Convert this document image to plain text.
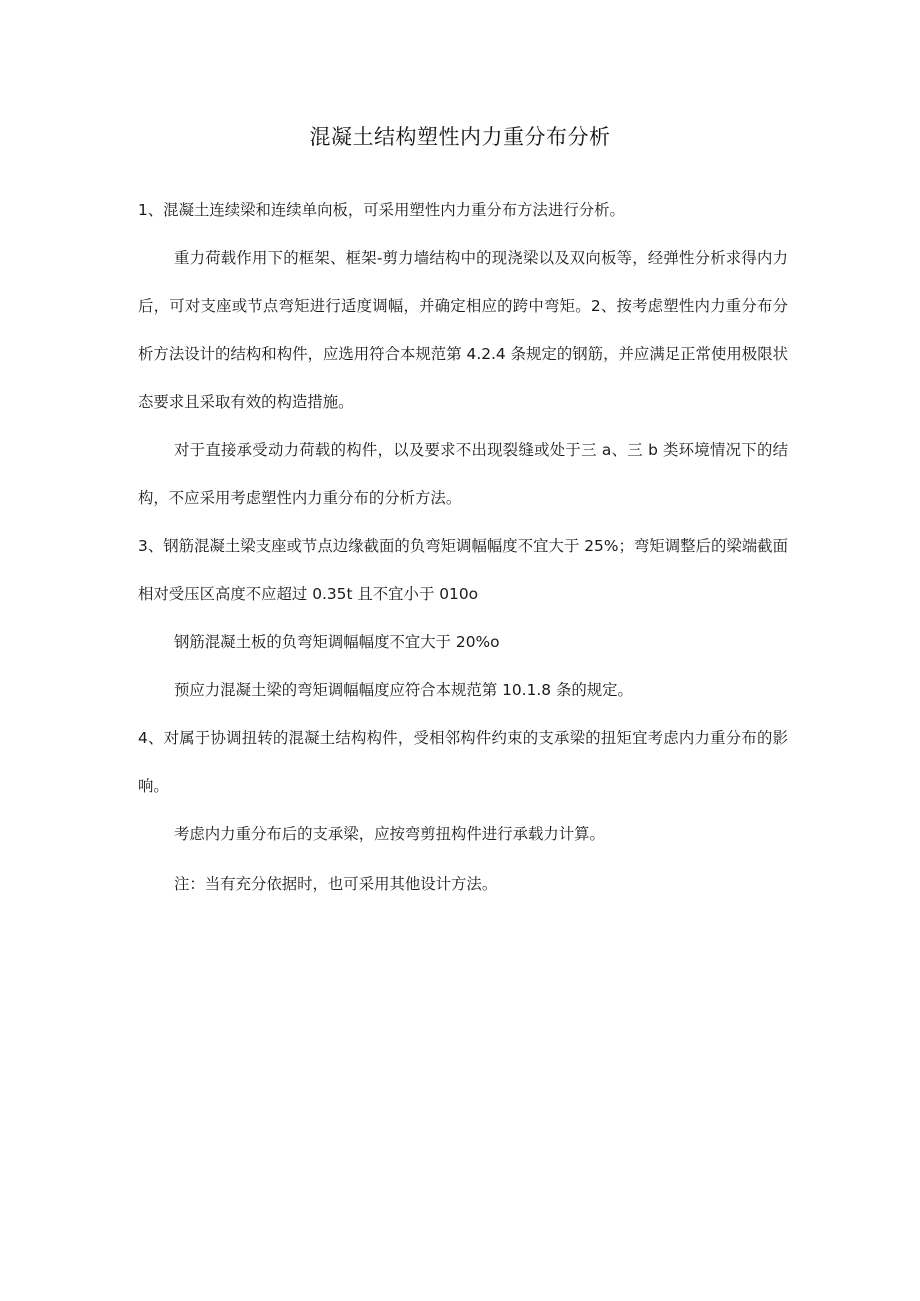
混凝土结构塑性内力重分布分析

1、混凝土连续梁和连续单向板，可采用塑性内力重分布方法进行分析。

重力荷载作用下的框架、框架-剪力墙结构中的现浇梁以及双向板等，经弹性分析求得内力后，可对支座或节点弯矩进行适度调幅，并确定相应的跨中弯矩。2、按考虑塑性内力重分布分析方法设计的结构和构件，应选用符合本规范第 4.2.4 条规定的钢筋，并应满足正常使用极限状态要求且采取有效的构造措施。

对于直接承受动力荷载的构件，以及要求不出现裂缝或处于三 a、三 b 类环境情况下的结构，不应采用考虑塑性内力重分布的分析方法。

3、钢筋混凝土梁支座或节点边缘截面的负弯矩调幅幅度不宜大于 25%；弯矩调整后的梁端截面相对受压区高度不应超过 0.35t 且不宜小于 010o

钢筋混凝土板的负弯矩调幅幅度不宜大于 20%o

预应力混凝土梁的弯矩调幅幅度应符合本规范第 10.1.8 条的规定。

4、对属于协调扭转的混凝土结构构件，受相邻构件约束的支承梁的扭矩宜考虑内力重分布的影响。

考虑内力重分布后的支承梁，应按弯剪扭构件进行承载力计算。

注：当有充分依据时，也可采用其他设计方法。
